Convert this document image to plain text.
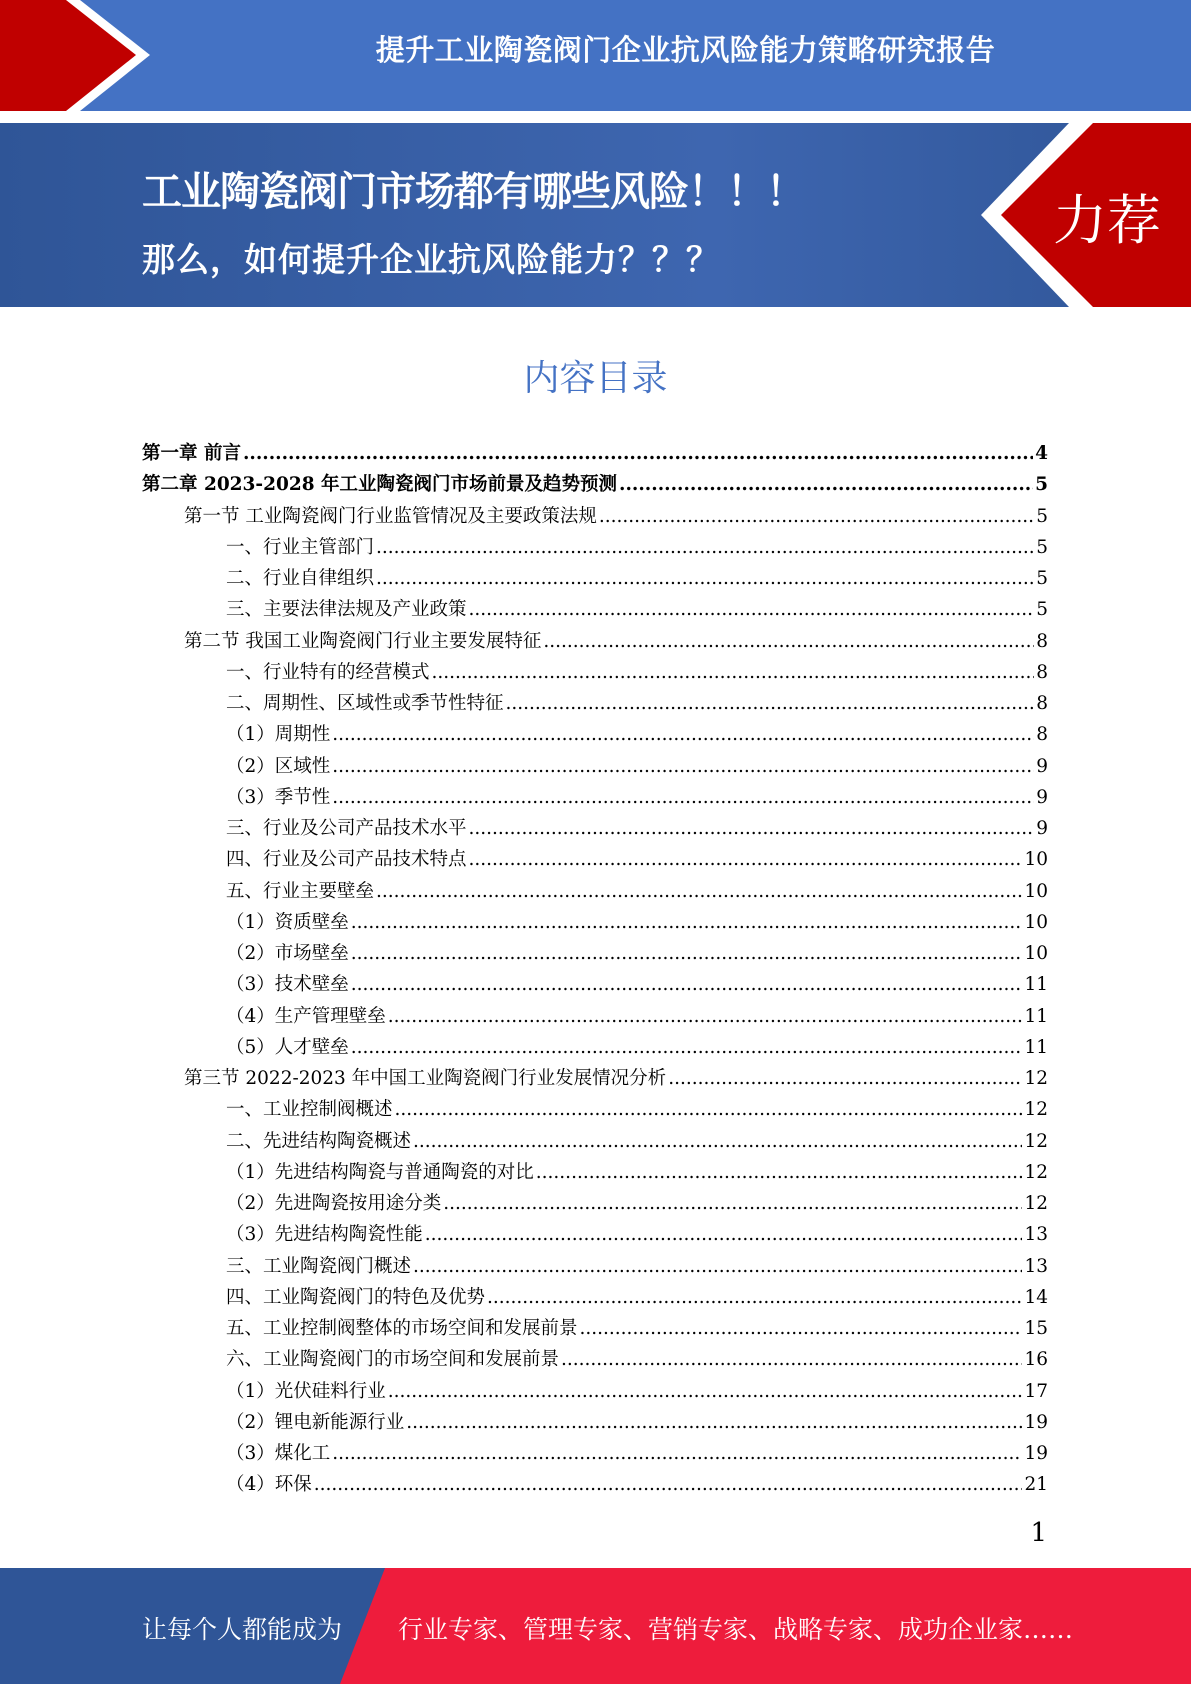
提升工业陶瓷阀门企业抗风险能力策略研究报告
力荐
工业陶瓷阀门市场都有哪些风险！！！
那么，如何提升企业抗风险能力？？？
内容目录
第一章 前言 .....	4
第二章 2023-2028 年工业陶瓷阀门市场前景及趋势预测 .....	5
第一节 工业陶瓷阀门行业监管情况及主要政策法规 .....	5
一、行业主管部门 .....	5
二、行业自律组织 .....	5
三、主要法律法规及产业政策 .....	5
第二节 我国工业陶瓷阀门行业主要发展特征 .....	8
一、行业特有的经营模式 .....	8
二、周期性、区域性或季节性特征 .....	8
（1）周期性 .....	8
（2）区域性 .....	9
（3）季节性 .....	9
三、行业及公司产品技术水平 .....	9
四、行业及公司产品技术特点 .....	10
五、行业主要壁垒 .....	10
（1）资质壁垒 .....	10
（2）市场壁垒 .....	10
（3）技术壁垒 .....	11
（4）生产管理壁垒 .....	11
（5）人才壁垒 .....	11
第三节 2022-2023 年中国工业陶瓷阀门行业发展情况分析 .....	12
一、工业控制阀概述 .....	12
二、先进结构陶瓷概述 .....	12
（1）先进结构陶瓷与普通陶瓷的对比 .....	12
（2）先进陶瓷按用途分类 .....	12
（3）先进结构陶瓷性能 .....	13
三、工业陶瓷阀门概述 .....	13
四、工业陶瓷阀门的特色及优势 .....	14
五、工业控制阀整体的市场空间和发展前景 .....	15
六、工业陶瓷阀门的市场空间和发展前景 .....	16
（1）光伏硅料行业 .....	17
（2）锂电新能源行业 .....	19
（3）煤化工 .....	19
（4）环保 .....	21
1
让每个人都能成为 行业专家、管理专家、营销专家、战略专家、成功企业家……
